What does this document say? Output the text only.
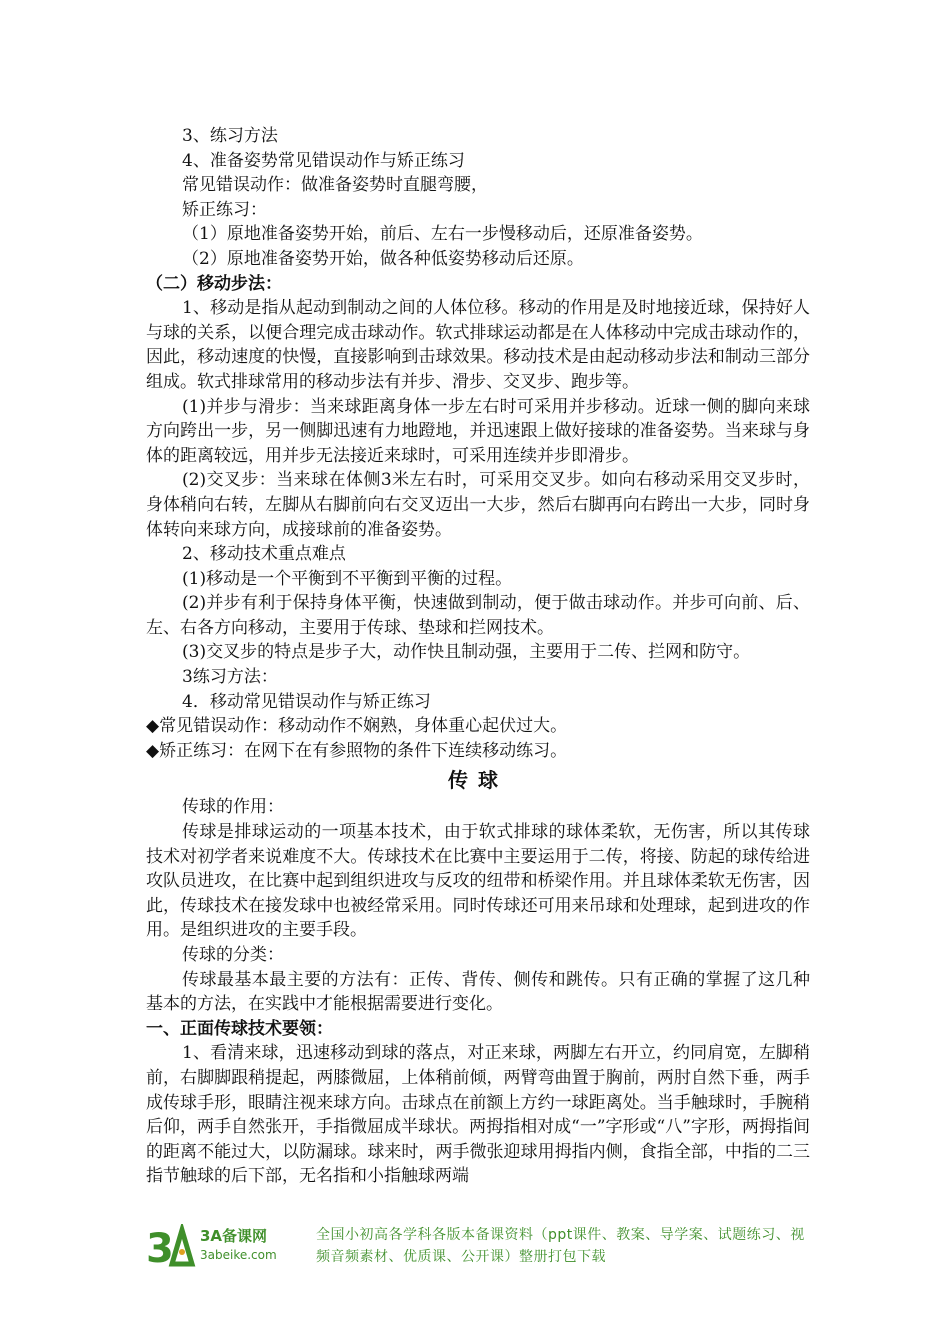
3、练习方法
4、准备姿势常见错误动作与矫正练习
常见错误动作：做准备姿势时直腿弯腰，
矫正练习：
（1）原地准备姿势开始，前后、左右一步慢移动后，还原准备姿势。
（2）原地准备姿势开始，做各种低姿势移动后还原。
（二）移动步法：
1、移动是指从起动到制动之间的人体位移。移动的作用是及时地接近球，保持好人与球的关系，以便合理完成击球动作。软式排球运动都是在人体移动中完成击球动作的，因此，移动速度的快慢，直接影响到击球效果。移动技术是由起动移动步法和制动三部分组成。软式排球常用的移动步法有并步、滑步、交叉步、跑步等。
(1)并步与滑步：当来球距离身体一步左右时可采用并步移动。近球一侧的脚向来球方向跨出一步，另一侧脚迅速有力地蹬地，并迅速跟上做好接球的准备姿势。当来球与身体的距离较远，用并步无法接近来球时，可采用连续并步即滑步。
(2)交叉步：当来球在体侧3米左右时，可采用交叉步。如向右移动采用交叉步时，身体稍向右转，左脚从右脚前向右交叉迈出一大步，然后右脚再向右跨出一大步，同时身体转向来球方向，成接球前的准备姿势。
2、移动技术重点难点
(1)移动是一个平衡到不平衡到平衡的过程。
(2)并步有利于保持身体平衡，快速做到制动，便于做击球动作。并步可向前、后、左、右各方向移动，主要用于传球、垫球和拦网技术。
(3)交叉步的特点是步子大，动作快且制动强，主要用于二传、拦网和防守。
3练习方法：
4．移动常见错误动作与矫正练习
◆常见错误动作：移动动作不娴熟，身体重心起伏过大。
◆矫正练习：在网下在有参照物的条件下连续移动练习。
传球
传球的作用：
传球是排球运动的一项基本技术，由于软式排球的球体柔软，无伤害，所以其传球技术对初学者来说难度不大。传球技术在比赛中主要运用于二传，将接、防起的球传给进攻队员进攻，在比赛中起到组织进攻与反攻的纽带和桥梁作用。并且球体柔软无伤害，因此，传球技术在接发球中也被经常采用。同时传球还可用来吊球和处理球，起到进攻的作用。是组织进攻的主要手段。
传球的分类：
传球最基本最主要的方法有：正传、背传、侧传和跳传。只有正确的掌握了这几种基本的方法，在实践中才能根据需要进行变化。
一、正面传球技术要领：
1、看清来球，迅速移动到球的落点，对正来球，两脚左右开立，约同肩宽，左脚稍前，右脚脚跟稍提起，两膝微屈，上体稍前倾，两臂弯曲置于胸前，两肘自然下垂，两手成传球手形，眼睛注视来球方向。击球点在前额上方约一球距离处。当手触球时，手腕稍后仰，两手自然张开，手指微屈成半球状。两拇指相对成“一”字形或“八”字形，两拇指间的距离不能过大，以防漏球。球来时，两手微张迎球用拇指内侧，食指全部，中指的二三指节触球的后下部，无名指和小指触球两端
3 3A备课网
3abeike.com
全国小初高各学科各版本备课资料（ppt课件、教案、导学案、试题练习、视频音频素材、优质课、公开课）整册打包下载
